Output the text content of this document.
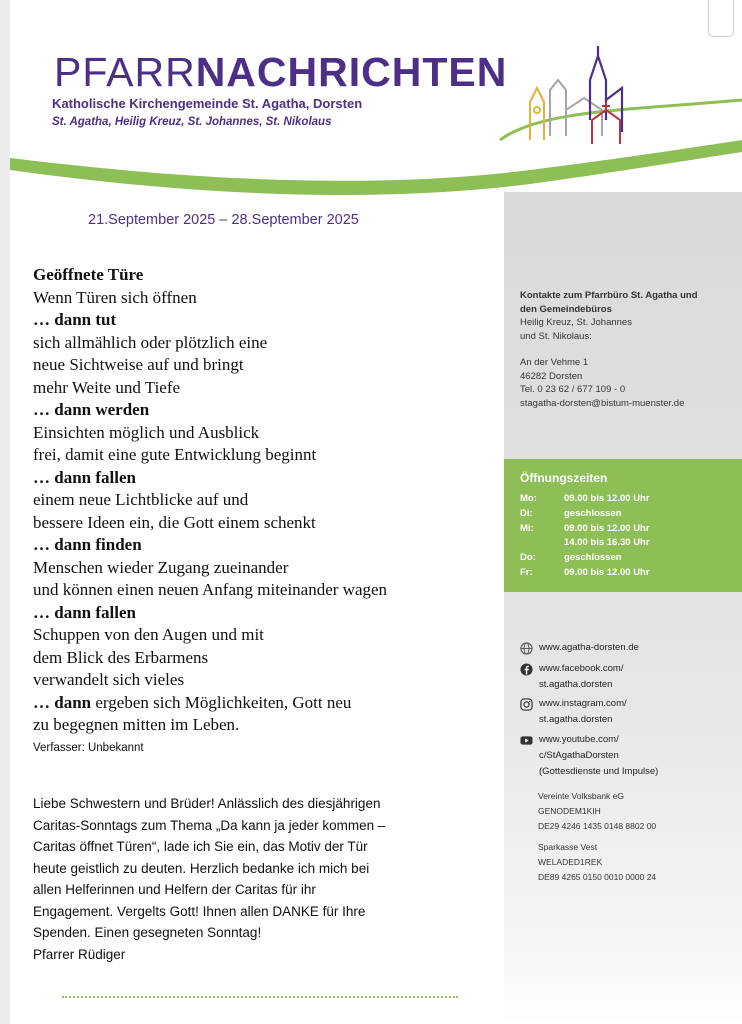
PFARRNACHRICHTEN
Katholische Kirchengemeinde St. Agatha, Dorsten
St. Agatha, Heilig Kreuz, St. Johannes, St. Nikolaus
21.September 2025 – 28.September 2025
Geöffnete Türe
Wenn Türen sich öffnen
… dann tut
sich allmählich oder plötzlich eine
neue Sichtweise auf und bringt
mehr Weite und Tiefe
… dann werden
Einsichten möglich und Ausblick
frei, damit eine gute Entwicklung beginnt
… dann fallen
einem neue Lichtblicke auf und
bessere Ideen ein, die Gott einem schenkt
… dann finden
Menschen wieder Zugang zueinander
und können einen neuen Anfang miteinander wagen
… dann fallen
Schuppen von den Augen und mit
dem Blick des Erbarmens
verwandelt sich vieles
… dann ergeben sich Möglichkeiten, Gott neu
zu begegnen mitten im Leben.
Verfasser: Unbekannt
Liebe Schwestern und Brüder! Anlässlich des diesjährigen
Caritas-Sonntags zum Thema „Da kann ja jeder kommen –
Caritas öffnet Türen“, lade ich Sie ein, das Motiv der Tür
heute geistlich zu deuten. Herzlich bedanke ich mich bei
allen Helferinnen und Helfern der Caritas für ihr
Engagement. Vergelts Gott! Ihnen allen DANKE für Ihre
Spenden. Einen gesegneten Sonntag!
Pfarrer Rüdiger
Kontakte zum Pfarrbüro St. Agatha und
den Gemeindebüros
Heilig Kreuz, St. Johannes
und St. Nikolaus:
An der Vehme 1
46282 Dorsten
Tel. 0 23 62 / 677 109 - 0
stagatha-dorsten@bistum-muenster.de
Öffnungszeiten
Mo:	09.00 bis 12.00 Uhr
Di:	geschlossen
Mi:	09.00 bis 12.00 Uhr
14.00 bis 16.30 Uhr
Do:	geschlossen
Fr:	09.00 bis 12.00 Uhr
www.agatha-dorsten.de
www.facebook.com/
st.agatha.dorsten
www.instagram.com/
st.agatha.dorsten
www.youtube.com/
c/StAgathaDorsten
(Gottesdienste und Impulse)
Vereinte Volksbank eG
GENODEM1KIH
DE29 4246 1435 0148 8802 00
Sparkasse Vest
WELADED1REK
DE89 4265 0150 0010 0000 24
